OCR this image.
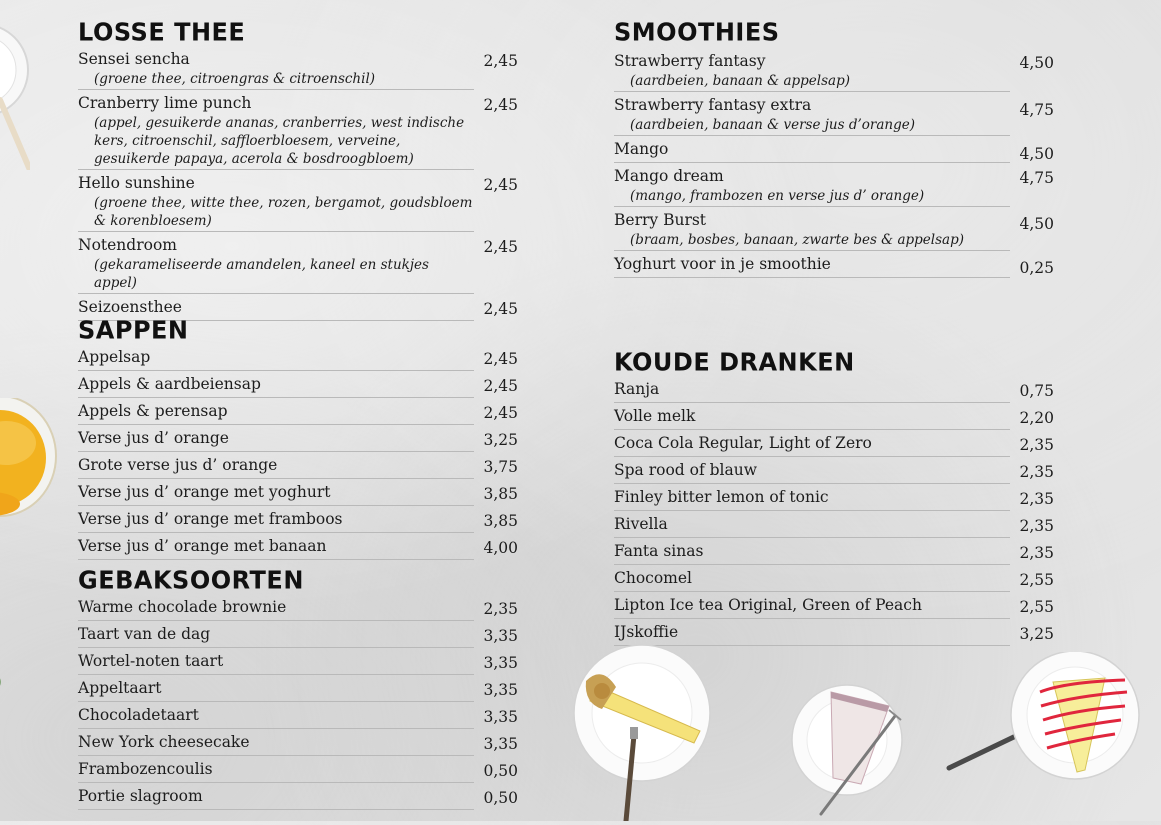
LOSSE THEE
Sensei sencha
(groene thee, citroengras & citroenschil)
2,45
Cranberry lime punch
(appel, gesuikerde ananas, cranberries, west indische kers, citroenschil, saffloerbloesem, verveine, gesuikerde papaya, acerola & bosdroogbloem)
2,45
Hello sunshine
(groene thee, witte thee, rozen, bergamot, goudsbloem & korenbloesem)
2,45
Notendroom
(gekarameliseerde amandelen, kaneel en stukjes appel)
2,45
Seizoensthee	2,45
SAPPEN
Appelsap	2,45
Appels & aardbeiensap	2,45
Appels & perensap	2,45
Verse jus d’ orange	3,25
Grote verse jus d’ orange	3,75
Verse jus d’ orange met yoghurt	3,85
Verse jus d’ orange met framboos	3,85
Verse jus d’ orange met banaan	4,00
GEBAKSOORTEN
Warme chocolade brownie	2,35
Taart van de dag	3,35
Wortel-noten taart	3,35
Appeltaart	3,35
Chocoladetaart	3,35
New York cheesecake	3,35
Frambozencoulis	0,50
Portie slagroom	0,50
SMOOTHIES
Strawberry fantasy
(aardbeien, banaan & appelsap)
4,50
Strawberry fantasy extra
(aardbeien, banaan & verse jus d’orange)
4,75
Mango	4,50
Mango dream
(mango, frambozen en verse jus d’ orange)
4,75
Berry Burst
(braam, bosbes, banaan, zwarte bes & appelsap)
4,50
Yoghurt voor in je smoothie	0,25
KOUDE DRANKEN
Ranja	0,75
Volle melk	2,20
Coca Cola Regular, Light of Zero	2,35
Spa rood of blauw	2,35
Finley bitter lemon of tonic	2,35
Rivella	2,35
Fanta sinas	2,35
Chocomel	2,55
Lipton Ice tea Original, Green of Peach	2,55
IJskoffie	3,25
